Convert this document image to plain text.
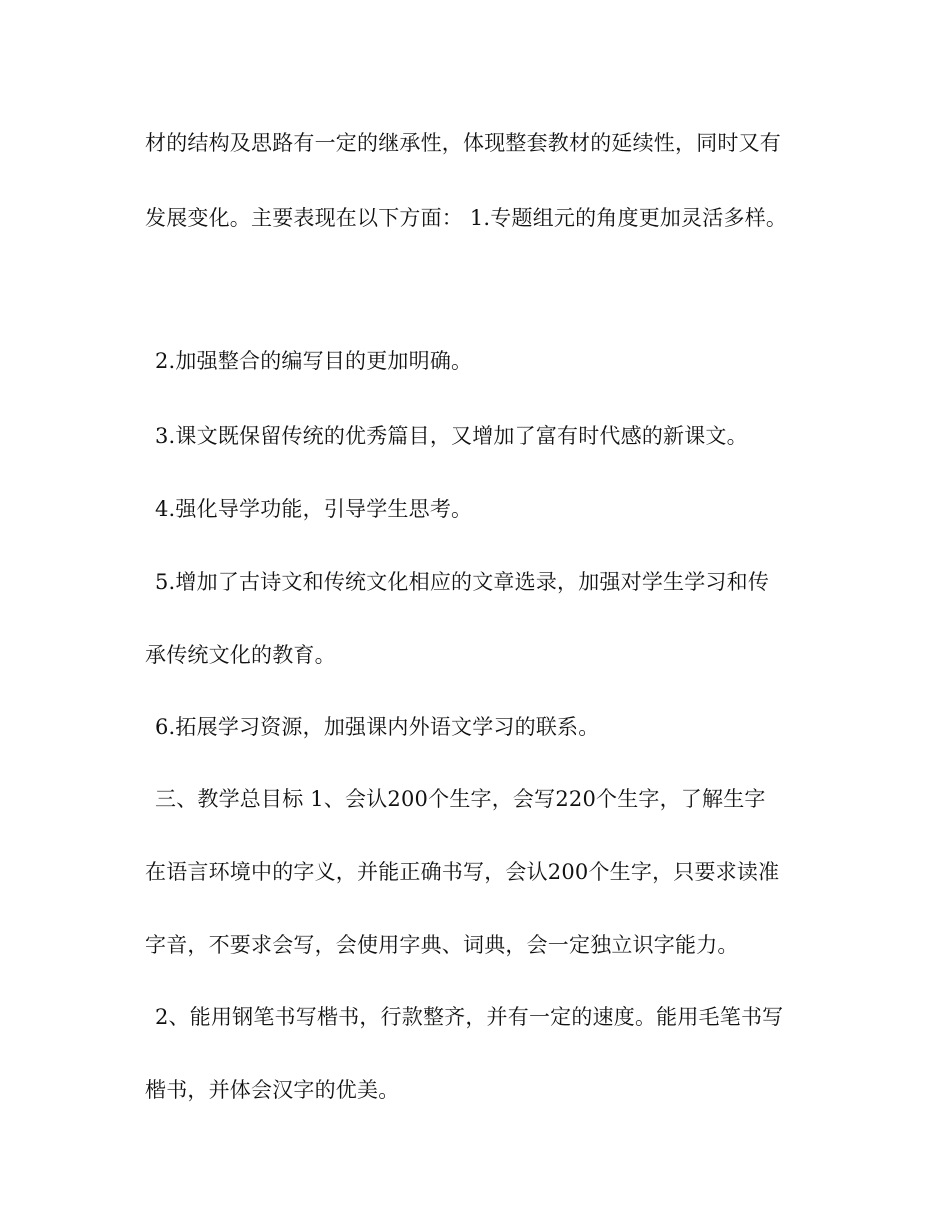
材的结构及思路有一定的继承性，体现整套教材的延续性，同时又有
发展变化。主要表现在以下方面： 1.专题组元的角度更加灵活多样。
2.加强整合的编写目的更加明确。
3.课文既保留传统的优秀篇目，又增加了富有时代感的新课文。
4.强化导学功能，引导学生思考。
5.增加了古诗文和传统文化相应的文章选录，加强对学生学习和传
承传统文化的教育。
6.拓展学习资源，加强课内外语文学习的联系。
三、教学总目标 1、会认200个生字，会写220个生字，了解生字
在语言环境中的字义，并能正确书写，会认200个生字，只要求读准
字音，不要求会写，会使用字典、词典，会一定独立识字能力。
2、能用钢笔书写楷书，行款整齐，并有一定的速度。能用毛笔书写
楷书，并体会汉字的优美。
